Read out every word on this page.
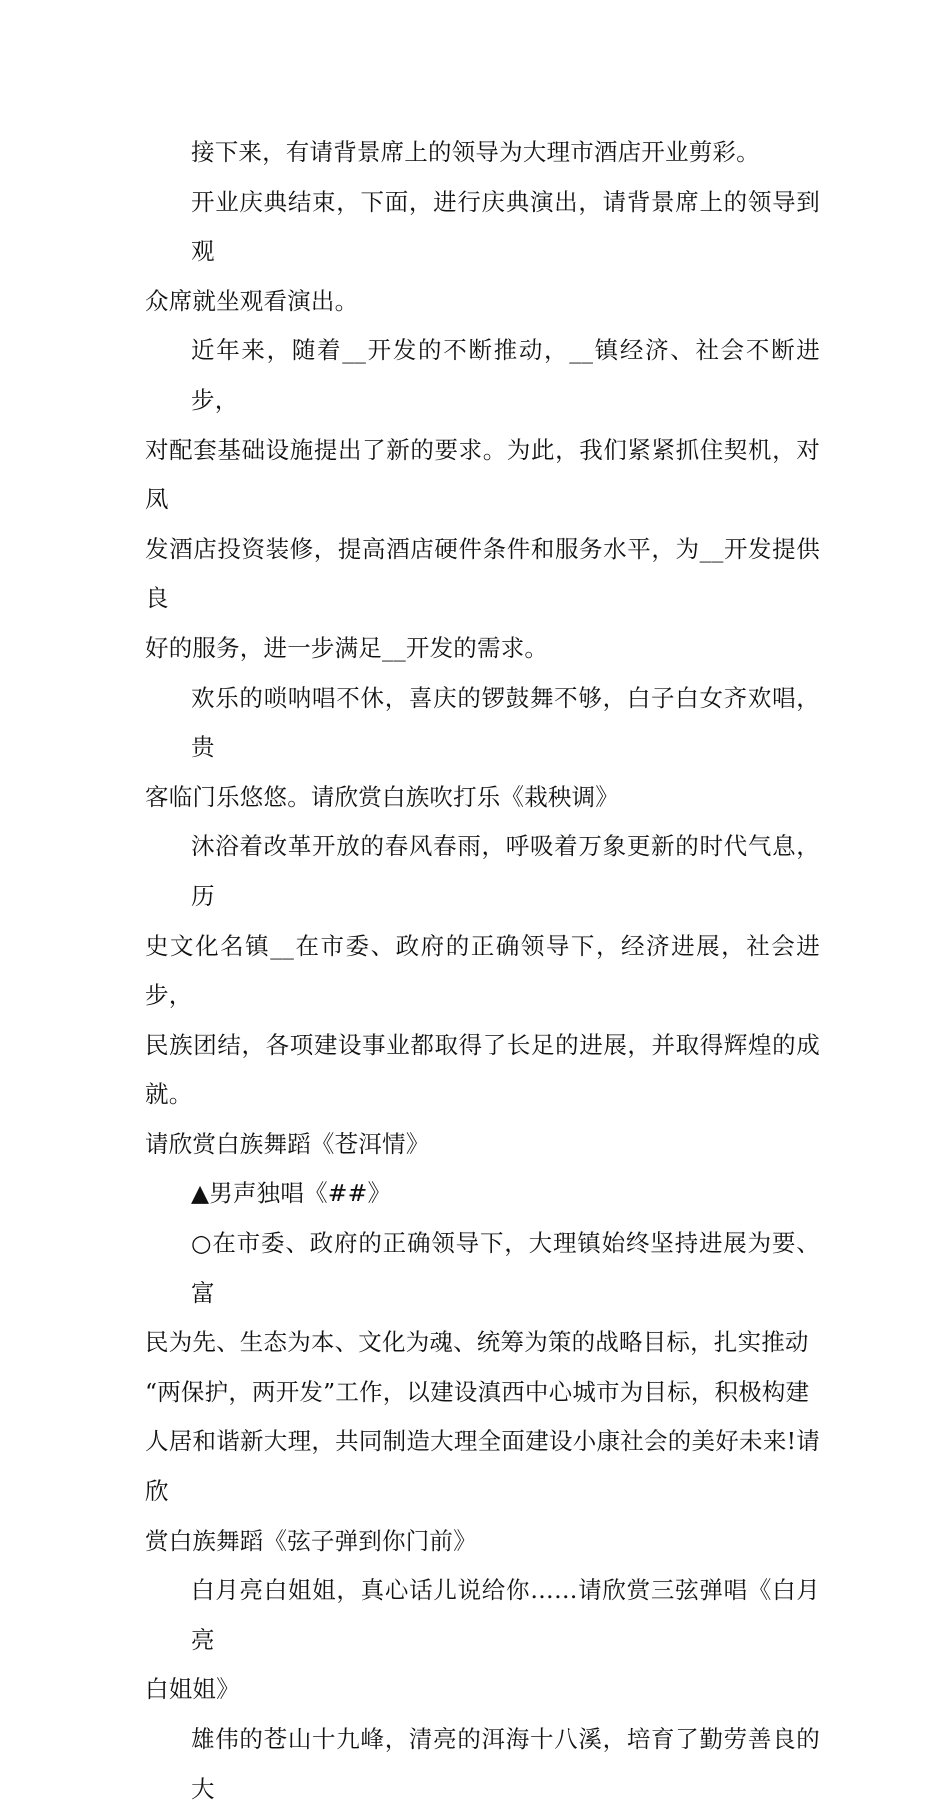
接下来，有请背景席上的领导为大理市酒店开业剪彩。

开业庆典结束，下面，进行庆典演出，请背景席上的领导到观
众席就坐观看演出。

近年来，随着__开发的不断推动，__镇经济、社会不断进步，
对配套基础设施提出了新的要求。为此，我们紧紧抓住契机，对凤
发酒店投资装修，提高酒店硬件条件和服务水平，为__开发提供良
好的服务，进一步满足__开发的需求。

欢乐的唢呐唱不休，喜庆的锣鼓舞不够，白子白女齐欢唱，贵
客临门乐悠悠。请欣赏白族吹打乐《栽秧调》

沐浴着改革开放的春风春雨，呼吸着万象更新的时代气息，历
史文化名镇__在市委、政府的正确领导下，经济进展，社会进步，
民族团结，各项建设事业都取得了长足的进展，并取得辉煌的成就。
请欣赏白族舞蹈《苍洱情》

▲男声独唱《##》

○在市委、政府的正确领导下，大理镇始终坚持进展为要、富
民为先、生态为本、文化为魂、统筹为策的战略目标，扎实推动
“两保护，两开发”工作，以建设滇西中心城市为目标，积极构建
人居和谐新大理，共同制造大理全面建设小康社会的美好未来!请欣
赏白族舞蹈《弦子弹到你门前》

白月亮白姐姐，真心话儿说给你……请欣赏三弦弹唱《白月亮
白姐姐》

雄伟的苍山十九峰，清亮的洱海十八溪，培育了勤劳善良的大
